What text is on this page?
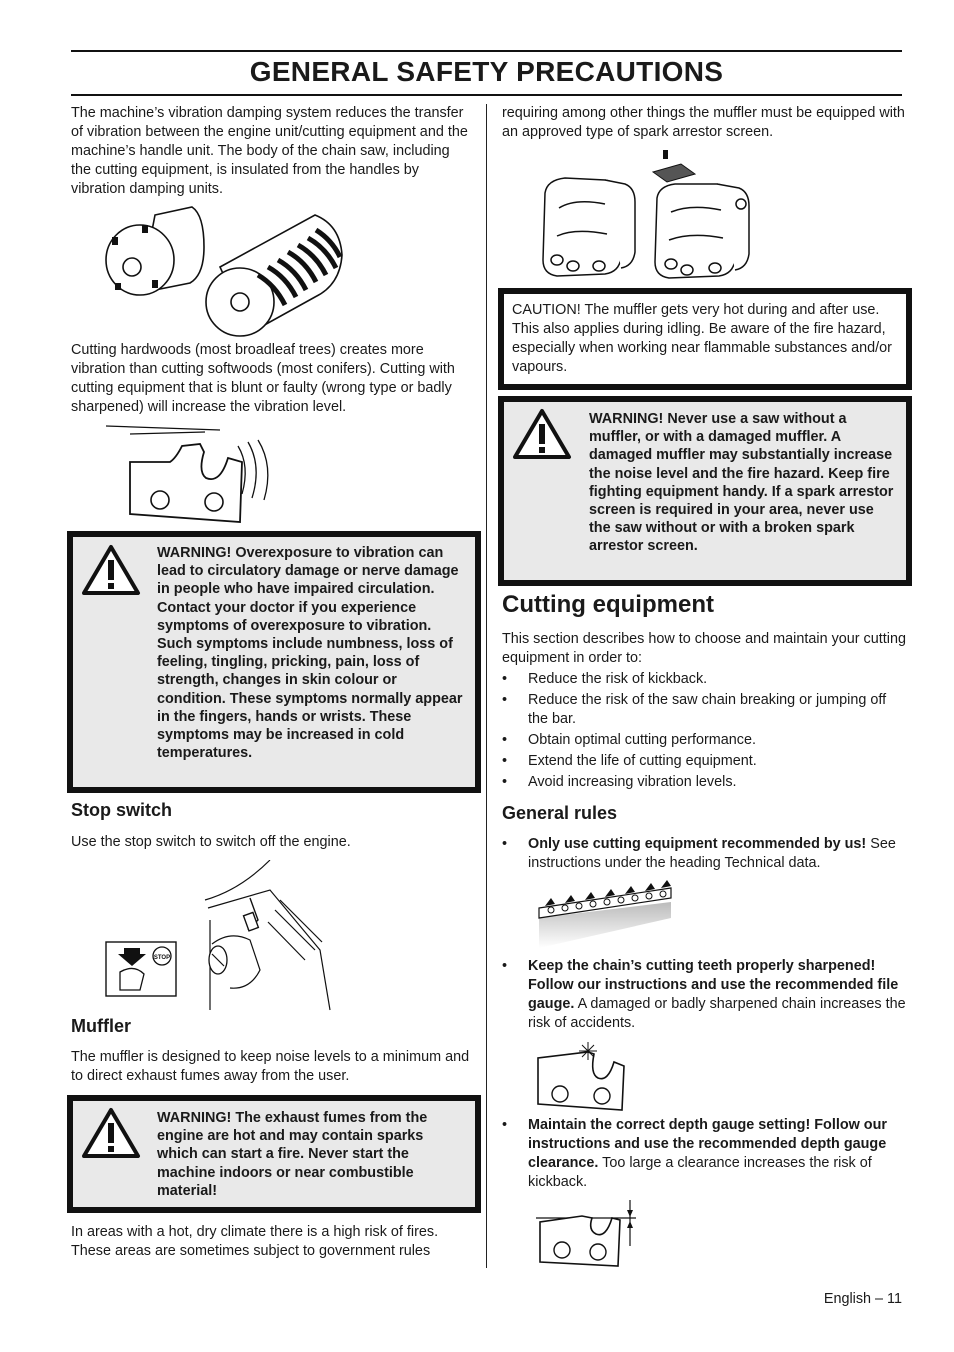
GENERAL SAFETY PRECAUTIONS

The machine’s vibration damping system reduces the transfer of vibration between the engine unit/cutting equipment and the machine’s handle unit. The body of the chain saw, including the cutting equipment, is insulated from the handles by vibration damping units.

Cutting hardwoods (most broadleaf trees) creates more vibration than cutting softwoods (most conifers). Cutting with cutting equipment that is blunt or faulty (wrong type or badly sharpened) will increase the vibration level.

WARNING! Overexposure to vibration can lead to circulatory damage or nerve damage in people who have impaired circulation. Contact your doctor if you experience symptoms of overexposure to vibration. Such symptoms include numbness, loss of feeling, tingling, pricking, pain, loss of strength, changes in skin colour or condition. These symptoms normally appear in the fingers, hands or wrists. These symptoms may be increased in cold temperatures.

Stop switch

Use the stop switch to switch off the engine.

STOP

Muffler

The muffler is designed to keep noise levels to a minimum and to direct exhaust fumes away from the user.

WARNING! The exhaust fumes from the engine are hot and may contain sparks which can start a fire. Never start the machine indoors or near combustible material!

In areas with a hot, dry climate there is a high risk of fires. These areas are sometimes subject to government rules

requiring among other things the muffler must be equipped with an approved type of spark arrestor screen.

CAUTION! The muffler gets very hot during and after use. This also applies during idling. Be aware of the fire hazard, especially when working near flammable substances and/or vapours.

WARNING! Never use a saw without a muffler, or with a damaged muffler. A damaged muffler may substantially increase the noise level and the fire hazard. Keep fire fighting equipment handy. If a spark arrestor screen is required in your area, never use the saw without or with a broken spark arrestor screen.

Cutting equipment

This section describes how to choose and maintain your cutting equipment in order to:

• Reduce the risk of kickback.
• Reduce the risk of the saw chain breaking or jumping off the bar.
• Obtain optimal cutting performance.
• Extend the life of cutting equipment.
• Avoid increasing vibration levels.

General rules

• Only use cutting equipment recommended by us! See instructions under the heading Technical data.
• Keep the chain’s cutting teeth properly sharpened! Follow our instructions and use the recommended file gauge. A damaged or badly sharpened chain increases the risk of accidents.
• Maintain the correct depth gauge setting! Follow our instructions and use the recommended depth gauge clearance. Too large a clearance increases the risk of kickback.

English – 11
